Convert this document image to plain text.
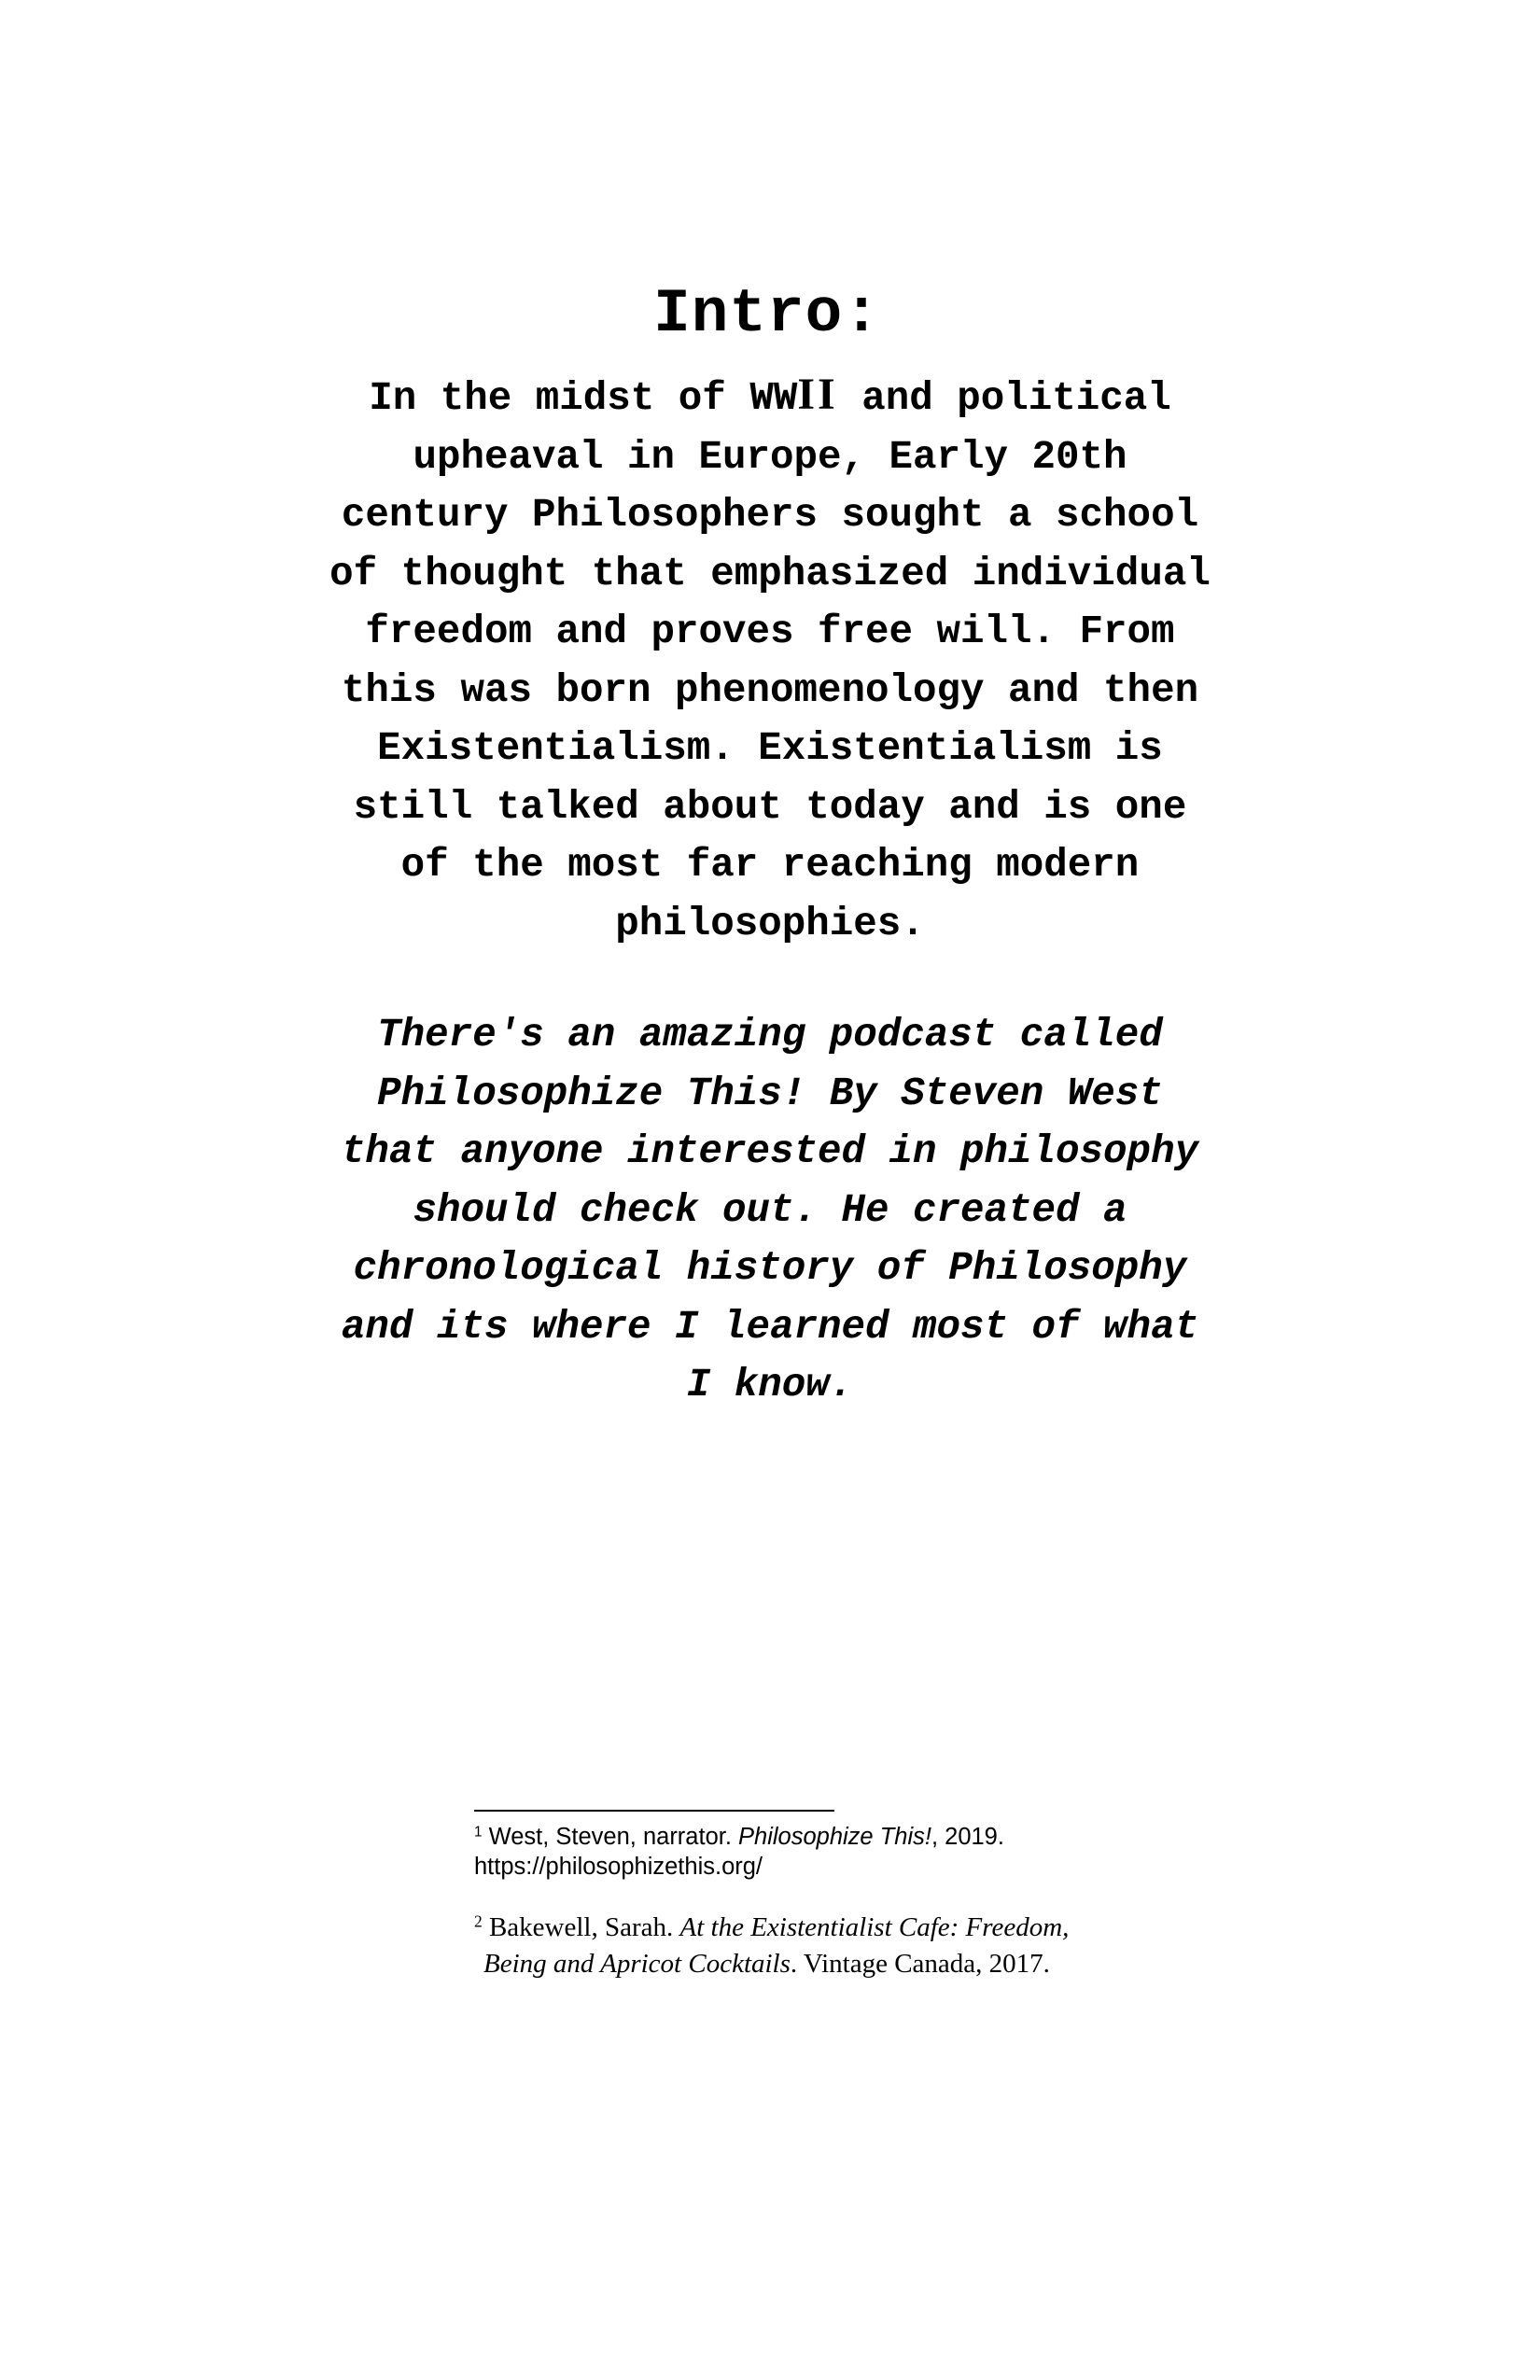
Intro:
In the midst of WWII and political
upheaval in Europe, Early 20th
century Philosophers sought a school
of thought that emphasized individual
freedom and proves free will. From
this was born phenomenology and then
Existentialism. Existentialism is
still talked about today and is one
of the most far reaching modern
philosophies.
There's an amazing podcast called
Philosophize This! By Steven West
that anyone interested in philosophy
should check out. He created a
chronological history of Philosophy
and its where I learned most of what
I know.
$^1$ West, Steven, narrator. Philosophize This!, 2019.
https://philosophizethis.org/
$^2$ Bakewell, Sarah. At the Existentialist Cafe: Freedom,
Being and Apricot Cocktails. Vintage Canada, 2017.
